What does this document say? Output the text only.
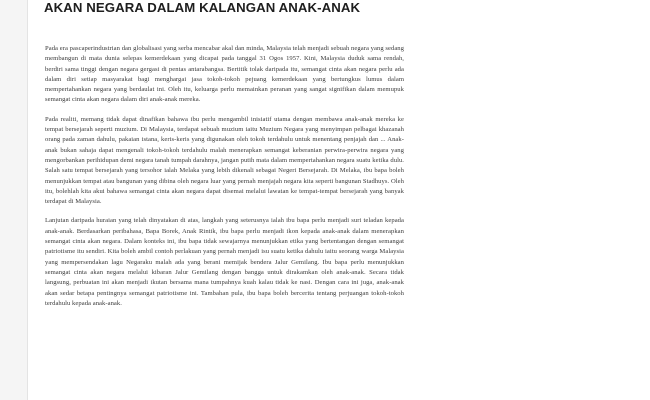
AKAN NEGARA DALAM KALANGAN ANAK-ANAK

Pada era pascaperindustrian dan globalisasi yang serba mencabar akal dan minda, Malaysia telah menjadi sebuah negara yang sedang membangun di mata dunia selepas kemerdekaan yang dicapai pada tanggal 31 Ogos 1957. Kini, Malaysia duduk sama rendah, berdiri sama tinggi dengan negara gergasi di pentas antarabangsa. Bertitik tolak daripada itu, semangat cinta akan negara perlu ada dalam diri setiap masyarakat bagi menghargai jasa tokoh-tokoh pejuang kemerdekaan yang bertungkus lumus dalam mempertahankan negara yang berdaulat ini. Oleh itu, keluarga perlu memainkan peranan yang sangat signifikan dalam memupuk semangat cinta akan negara dalam diri anak-anak mereka.

Pada realiti, memang tidak dapat dinafikan bahawa ibu perlu mengambil inisiatif utama dengan membawa anak-anak mereka ke tempat bersejarah seperti muzium. Di Malaysia, terdapat sebuah muzium iaitu Muzium Negara yang menyimpan pelbagai khazanah orang pada zaman dahulu, pakaian istana, keris-keris yang digunakan oleh tokoh terdahulu untuk menentang penjajah dan ... Anak-anak bukan sahaja dapat mengenali tokoh-tokoh terdahulu malah menerapkan semangat keberanian perwira-perwira negara yang mengorbankan perihidupan demi negara tanah tumpah darahnya, jangan putih mata dalam mempertahankan negara suatu ketika dulu. Salah satu tempat bersejarah yang tersohor ialah Melaka yang lebih dikenali sebagai Negeri Bersejarah. Di Melaka, ibu bapa boleh menunjukkan tempat atau bangunan yang dibina oleh negara luar yang pernah menjajah negara kita seperti bangunan Stadhuys. Oleh itu, bolehlah kita akui bahawa semangat cinta akan negara dapat disemai melalui lawatan ke tempat-tempat bersejarah yang banyak terdapat di Malaysia.

Lanjutan daripada huraian yang telah dinyatakan di atas, langkah yang seterusnya ialah ibu bapa perlu menjadi suri teladan kepada anak-anak. Berdasarkan peribahasa, Bapa Borek, Anak Rintik, ibu bapa perlu menjadi ikon kepada anak-anak dalam menerapkan semangat cinta akan negara. Dalam konteks ini, ibu bapa tidak sewajarnya menunjukkan etika yang bertentangan dengan semangat patriotisme itu sendiri. Kita boleh ambil contoh perlakuan yang pernah menjadi isu suatu ketika dahulu iaitu seorang warga Malaysia yang mempersendakan lagu Negaraku malah ada yang berani memijak bendera Jalur Gemilang. Ibu bapa perlu menunjukkan semangat cinta akan negara melalui kibaran Jalur Gemilang dengan bangga untuk dirakamkan oleh anak-anak. Secara tidak langsung, perbuatan ini akan menjadi ikutan bersama mana tumpahnya kuah kalau tidak ke nasi. Dengan cara ini juga, anak-anak akan sedar betapa pentingnya semangat patriotisme ini. Tambahan pula, ibu bapa boleh bercerita tentang perjuangan tokoh-tokoh terdahulu kepada anak-anak.
